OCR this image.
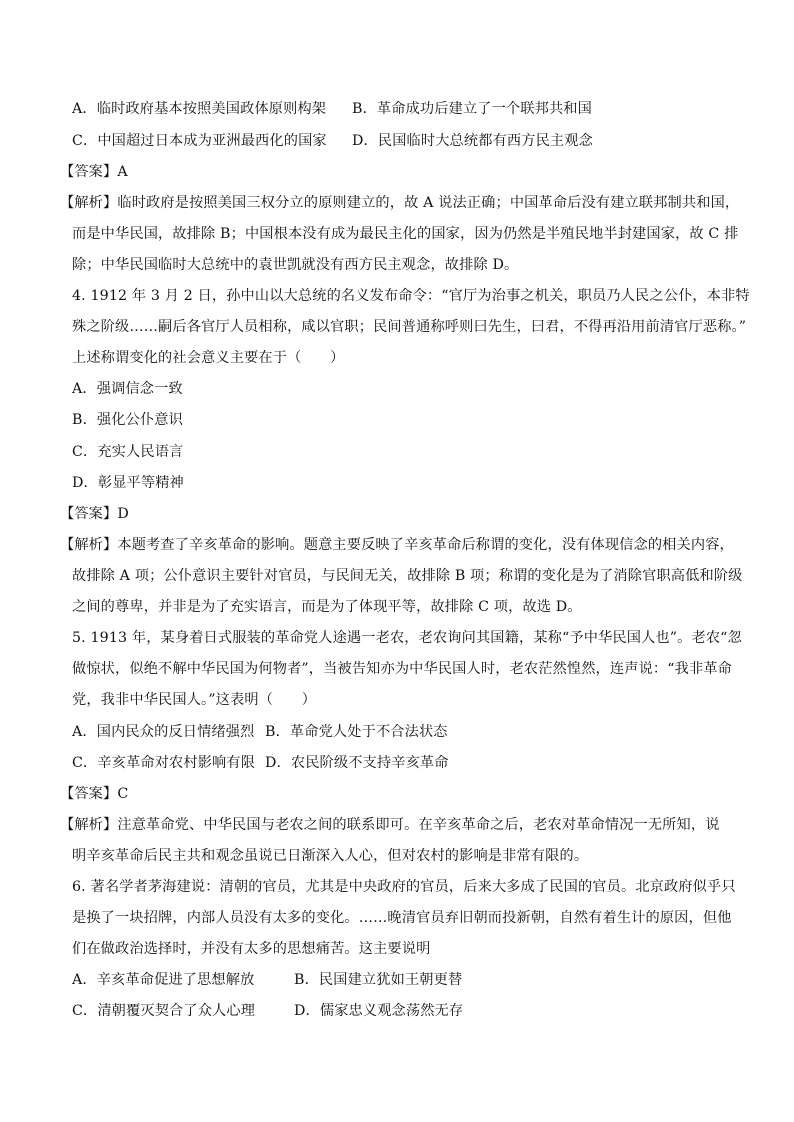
A．临时政府基本按照美国政体原则构架 B．革命成功后建立了一个联邦共和国
C．中国超过日本成为亚洲最西化的国家 D．民国临时大总统都有西方民主观念
【答案】A
【解析】临时政府是按照美国三权分立的原则建立的，故 A 说法正确；中国革命后没有建立联邦制共和国，
而是中华民国，故排除 B；中国根本没有成为最民主化的国家，因为仍然是半殖民地半封建国家，故 C 排
除；中华民国临时大总统中的袁世凯就没有西方民主观念，故排除 D。
4. 1912 年 3 月 2 日，孙中山以大总统的名义发布命令：“官厅为治事之机关，职员乃人民之公仆，本非特
殊之阶级……嗣后各官厅人员相称，咸以官职；民间普通称呼则曰先生，曰君，不得再沿用前清官厅恶称。”
上述称谓变化的社会意义主要在于（　　）
A．强调信念一致
B．强化公仆意识
C．充实人民语言
D．彰显平等精神
【答案】D
【解析】本题考查了辛亥革命的影响。题意主要反映了辛亥革命后称谓的变化，没有体现信念的相关内容，
故排除 A 项；公仆意识主要针对官员，与民间无关，故排除 B 项；称谓的变化是为了消除官职高低和阶级
之间的尊卑，并非是为了充实语言，而是为了体现平等，故排除 C 项，故选 D。
5. 1913 年，某身着日式服装的革命党人途遇一老农，老农询问其国籍，某称“予中华民国人也”。老农“忽
做惊状，似绝不解中华民国为何物者”，当被告知亦为中华民国人时，老农茫然惶然，连声说：“我非革命
党，我非中华民国人。”这表明（　　）
A．国内民众的反日情绪强烈 B．革命党人处于不合法状态
C．辛亥革命对农村影响有限 D．农民阶级不支持辛亥革命
【答案】C
【解析】注意革命党、中华民国与老农之间的联系即可。在辛亥革命之后，老农对革命情况一无所知，说
明辛亥革命后民主共和观念虽说已日渐深入人心，但对农村的影响是非常有限的。
6. 著名学者茅海建说：清朝的官员，尤其是中央政府的官员，后来大多成了民国的官员。北京政府似乎只
是换了一块招牌，内部人员没有太多的变化。……晚清官员弃旧朝而投新朝，自然有着生计的原因，但他
们在做政治选择时，并没有太多的思想痛苦。这主要说明
A．辛亥革命促进了思想解放	B．民国建立犹如王朝更替
C．清朝覆灭契合了众人心理	D．儒家忠义观念荡然无存
